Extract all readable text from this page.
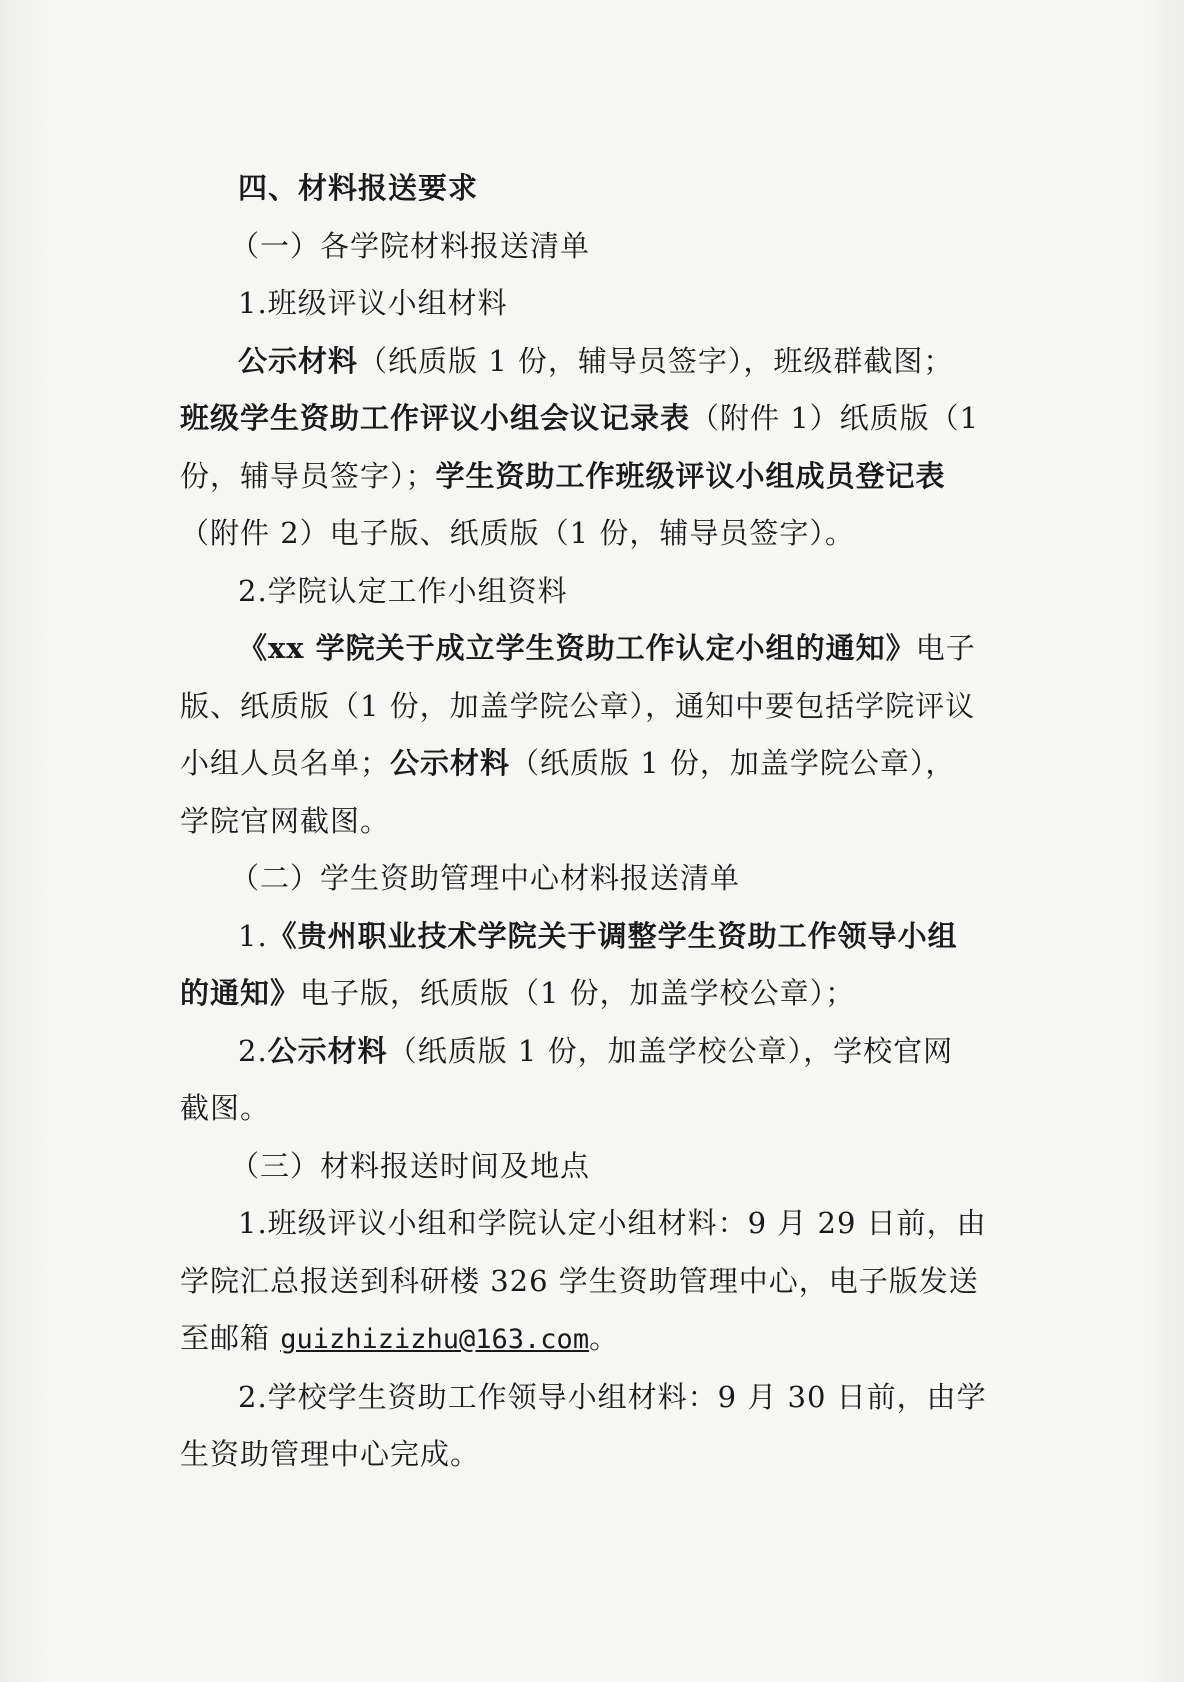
四、材料报送要求
（一）各学院材料报送清单
1.班级评议小组材料
公示材料（纸质版 1 份，辅导员签字），班级群截图；
班级学生资助工作评议小组会议记录表（附件 1）纸质版（1
份，辅导员签字）；学生资助工作班级评议小组成员登记表
（附件 2）电子版、纸质版（1 份，辅导员签字）。
2.学院认定工作小组资料
《xx 学院关于成立学生资助工作认定小组的通知》电子
版、纸质版（1 份，加盖学院公章），通知中要包括学院评议
小组人员名单；公示材料（纸质版 1 份，加盖学院公章），
学院官网截图。
（二）学生资助管理中心材料报送清单
1.《贵州职业技术学院关于调整学生资助工作领导小组
的通知》电子版，纸质版（1 份，加盖学校公章）；
2.公示材料（纸质版 1 份，加盖学校公章），学校官网
截图。
（三）材料报送时间及地点
1.班级评议小组和学院认定小组材料：9 月 29 日前，由
学院汇总报送到科研楼 326 学生资助管理中心，电子版发送
至邮箱 guizhizizhu@163.com。
2.学校学生资助工作领导小组材料：9 月 30 日前，由学
生资助管理中心完成。
